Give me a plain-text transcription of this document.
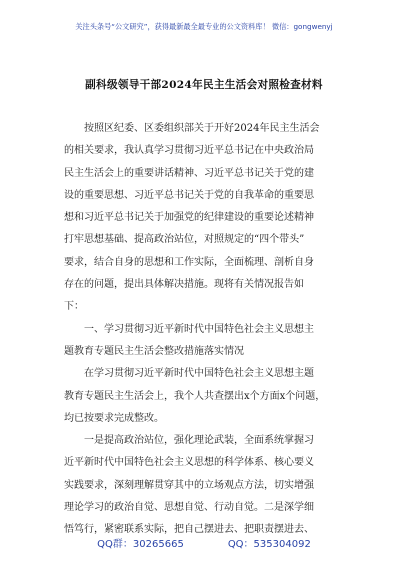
关注头条号“公文研究”，获得最新最全最专业的公文资料库！ 微信：gongwenyj
副科级领导干部2024年民主生活会对照检查材料
按照区纪委、区委组织部关于开好2024年民主生活会
的相关要求，我认真学习贯彻习近平总书记在中央政治局
民主生活会上的重要讲话精神、习近平总书记关于党的建
设的重要思想、习近平总书记关于党的自我革命的重要思
想和习近平总书记关于加强党的纪律建设的重要论述精神
打牢思想基础、提高政治站位，对照规定的“四个带头”
要求，结合自身的思想和工作实际，全面梳理、剖析自身
存在的问题，提出具体解决措施。现将有关情况报告如
下：
一、学习贯彻习近平新时代中国特色社会主义思想主
题教育专题民主生活会整改措施落实情况
在学习贯彻习近平新时代中国特色社会主义思想主题
教育专题民主生活会上，我个人共查摆出x个方面x个问题，
均已按要求完成整改。
一是提高政治站位，强化理论武装，全面系统掌握习
近平新时代中国特色社会主义思想的科学体系、核心要义
实践要求，深刻理解贯穿其中的立场观点方法，切实增强
理论学习的政治自觉、思想自觉、行动自觉。二是深学细
悟笃行，紧密联系实际，把自己摆进去、把职责摆进去、
QQ群：30265665	QQ：535304092
